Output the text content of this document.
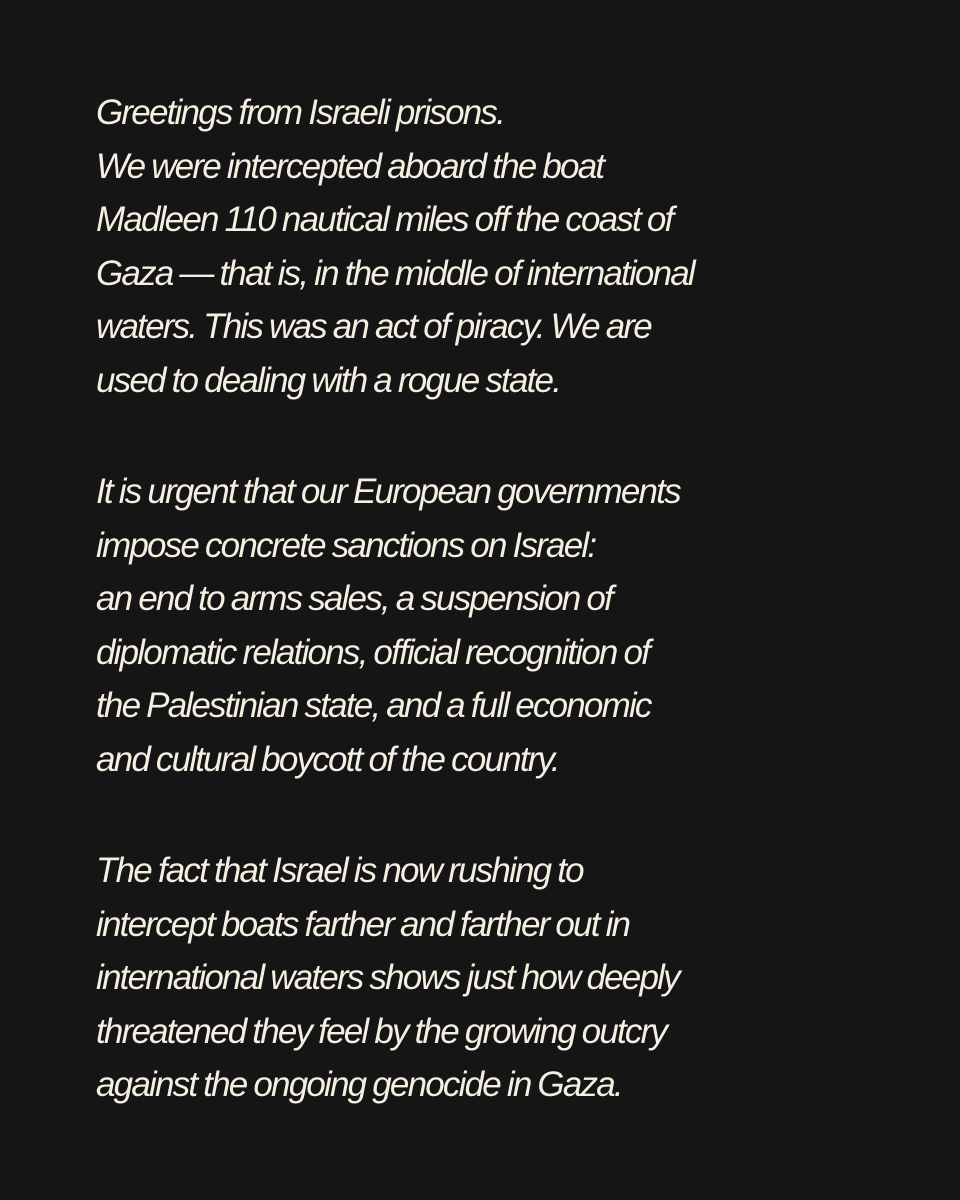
Greetings from Israeli prisons.
We were intercepted aboard the boat
Madleen 110 nautical miles off the coast of
Gaza — that is, in the middle of international
waters. This was an act of piracy. We are
used to dealing with a rogue state.
It is urgent that our European governments
impose concrete sanctions on Israel:
an end to arms sales, a suspension of
diplomatic relations, official recognition of
the Palestinian state, and a full economic
and cultural boycott of the country.
The fact that Israel is now rushing to
intercept boats farther and farther out in
international waters shows just how deeply
threatened they feel by the growing outcry
against the ongoing genocide in Gaza.
